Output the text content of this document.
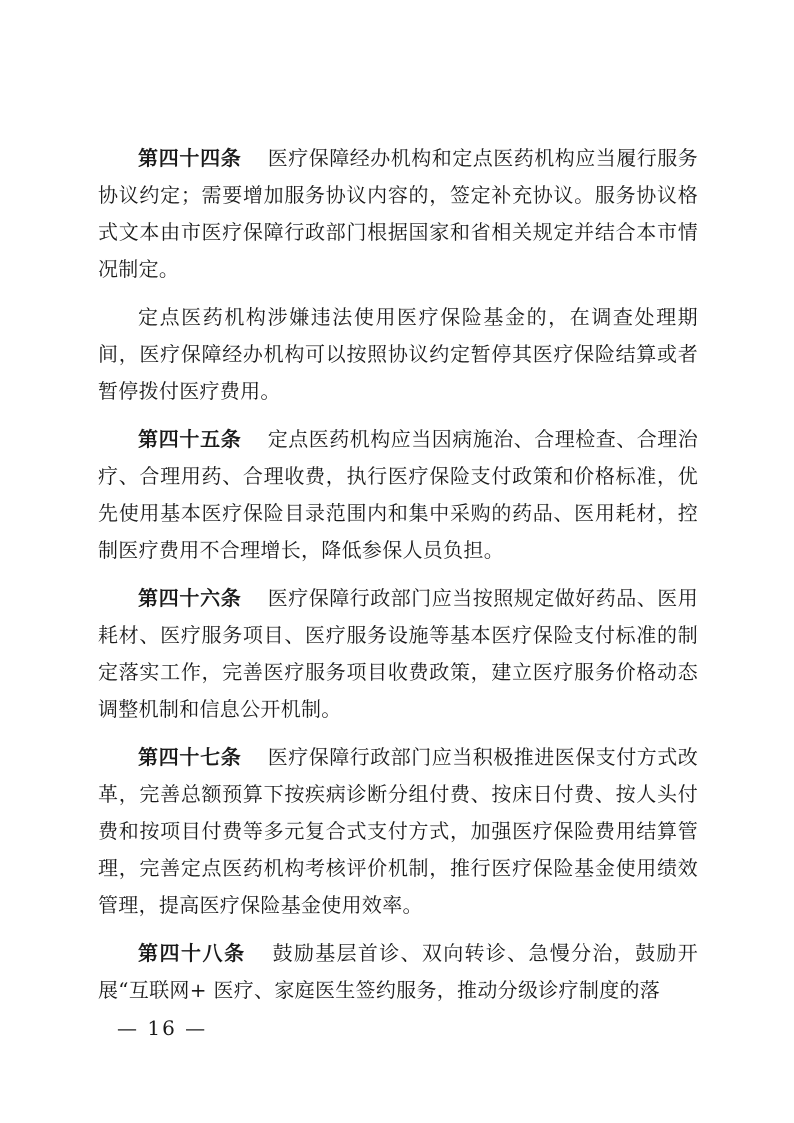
第四十四条 医疗保障经办机构和定点医药机构应当履行服务协议约定；需要增加服务协议内容的，签定补充协议。服务协议格式文本由市医疗保障行政部门根据国家和省相关规定并结合本市情况制定。

定点医药机构涉嫌违法使用医疗保险基金的，在调查处理期间，医疗保障经办机构可以按照协议约定暂停其医疗保险结算或者暂停拨付医疗费用。

第四十五条 定点医药机构应当因病施治、合理检查、合理治疗、合理用药、合理收费，执行医疗保险支付政策和价格标准，优先使用基本医疗保险目录范围内和集中采购的药品、医用耗材，控制医疗费用不合理增长，降低参保人员负担。

第四十六条 医疗保障行政部门应当按照规定做好药品、医用耗材、医疗服务项目、医疗服务设施等基本医疗保险支付标准的制定落实工作，完善医疗服务项目收费政策，建立医疗服务价格动态调整机制和信息公开机制。

第四十七条 医疗保障行政部门应当积极推进医保支付方式改革，完善总额预算下按疾病诊断分组付费、按床日付费、按人头付费和按项目付费等多元复合式支付方式，加强医疗保险费用结算管理，完善定点医药机构考核评价机制，推行医疗保险基金使用绩效管理，提高医疗保险基金使用效率。

第四十八条 鼓励基层首诊、双向转诊、急慢分治，鼓励开展“互联网+ 医疗、家庭医生签约服务，推动分级诊疗制度的落

— 16 —
